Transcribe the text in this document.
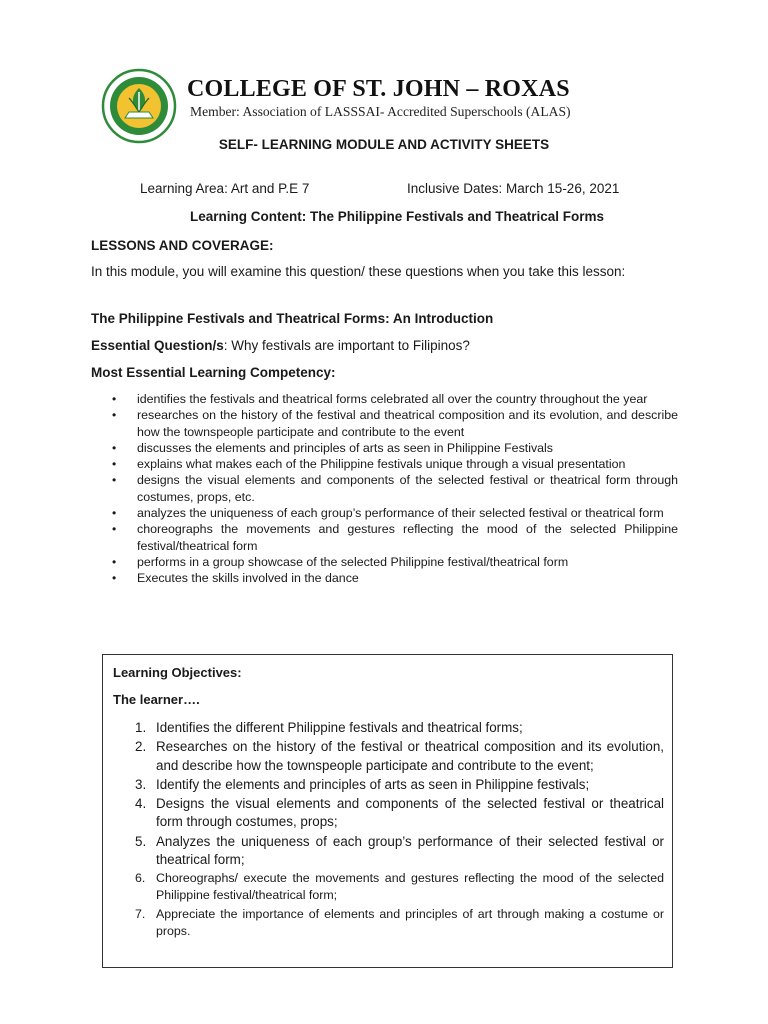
COLLEGE OF ST. JOHN – ROXAS
Member: Association of LASSSAI- Accredited Superschools (ALAS)
SELF- LEARNING MODULE AND ACTIVITY SHEETS
Learning Area: Art and P.E 7	Inclusive Dates: March 15-26, 2021
Learning Content: The Philippine Festivals and Theatrical Forms
LESSONS AND COVERAGE:
In this module, you will examine this question/ these questions when you take this lesson:
The Philippine Festivals and Theatrical Forms: An Introduction
Essential Question/s: Why festivals are important to Filipinos?
Most Essential Learning Competency:
• identifies the festivals and theatrical forms celebrated all over the country throughout the year
• researches on the history of the festival and theatrical composition and its evolution, and describe how the townspeople participate and contribute to the event
• discusses the elements and principles of arts as seen in Philippine Festivals
• explains what makes each of the Philippine festivals unique through a visual presentation
• designs the visual elements and components of the selected festival or theatrical form through costumes, props, etc.
• analyzes the uniqueness of each group’s performance of their selected festival or theatrical form
• choreographs the movements and gestures reflecting the mood of the selected Philippine festival/theatrical form
• performs in a group showcase of the selected Philippine festival/theatrical form
• Executes the skills involved in the dance
Learning Objectives:
The learner….
1. Identifies the different Philippine festivals and theatrical forms;
2. Researches on the history of the festival or theatrical composition and its evolution, and describe how the townspeople participate and contribute to the event;
3. Identify the elements and principles of arts as seen in Philippine festivals;
4. Designs the visual elements and components of the selected festival or theatrical form through costumes, props;
5. Analyzes the uniqueness of each group’s performance of their selected festival or theatrical form;
6. Choreographs/ execute the movements and gestures reflecting the mood of the selected Philippine festival/theatrical form;
7. Appreciate the importance of elements and principles of art through making a costume or props.
